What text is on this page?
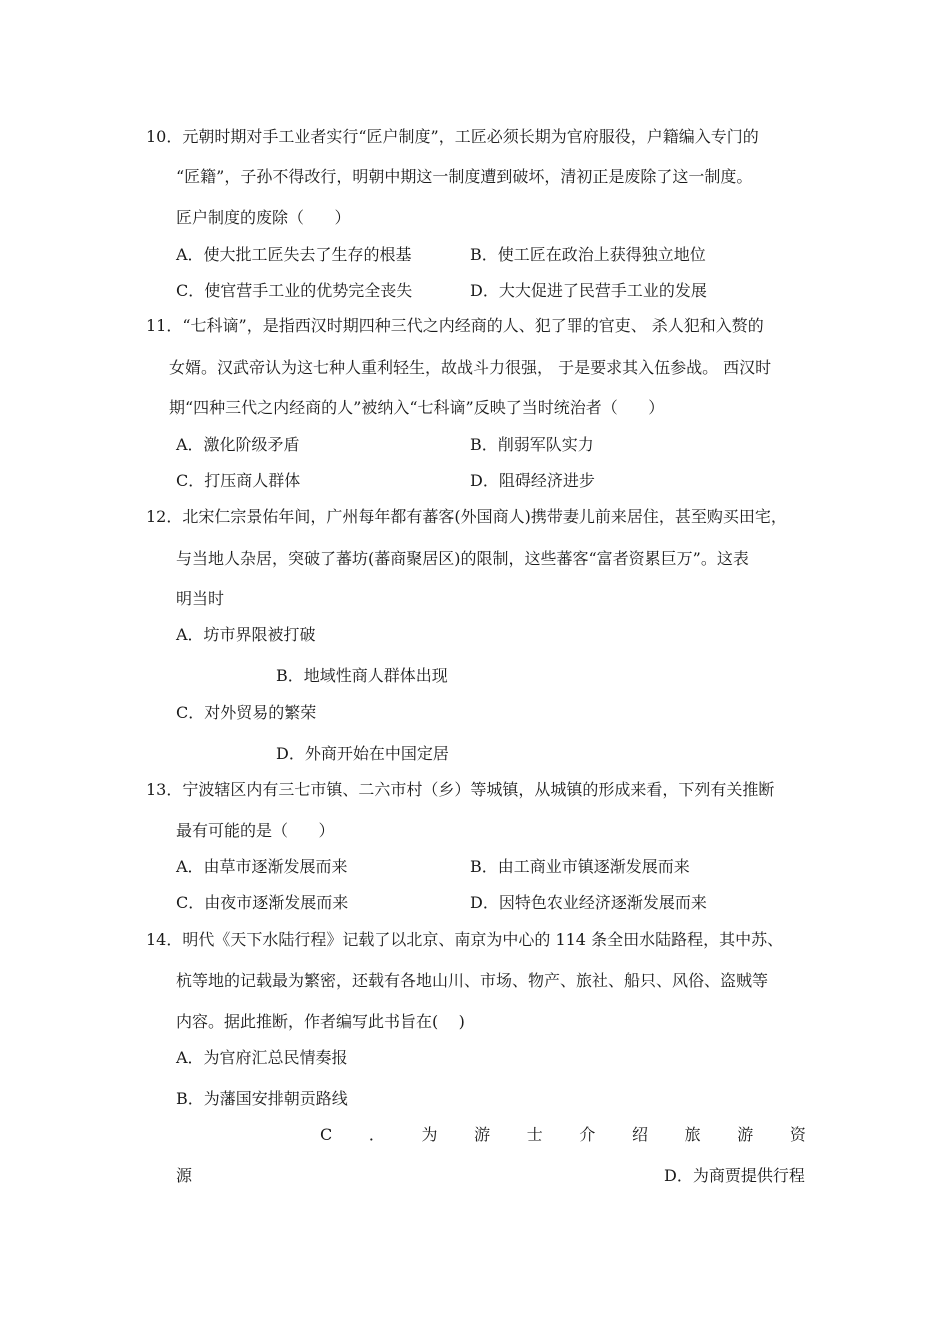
10．元朝时期对手工业者实行“匠户制度”，工匠必须长期为官府服役，户籍编入专门的
“匠籍”，子孙不得改行，明朝中期这一制度遭到破坏，清初正是废除了这一制度。
匠户制度的废除（      ）
A．使大批工匠失去了生存的根基	B．使工匠在政治上获得独立地位
C．使官营手工业的优势完全丧失	D．大大促进了民营手工业的发展
11．“七科谪”，是指西汉时期四种三代之内经商的人、犯了罪的官吏、 杀人犯和入赘的
女婿。汉武帝认为这七种人重利轻生，故战斗力很强， 于是要求其入伍参战。 西汉时
期“四种三代之内经商的人”被纳入“七科谪”反映了当时统治者（      ）
A．激化阶级矛盾	B．削弱军队实力
C．打压商人群体	D．阻碍经济进步
12．北宋仁宗景佑年间，广州每年都有蕃客(外国商人)携带妻儿前来居住，甚至购买田宅，
与当地人杂居，突破了蕃坊(蕃商聚居区)的限制，这些蕃客“富者资累巨万”。这表
明当时
A．坊市界限被打破
B．地域性商人群体出现
C．对外贸易的繁荣
D．外商开始在中国定居
13．宁波辖区内有三七市镇、二六市村（乡）等城镇，从城镇的形成来看，下列有关推断
最有可能的是（      ）
A．由草市逐渐发展而来	B．由工商业市镇逐渐发展而来
C．由夜市逐渐发展而来	D．因特色农业经济逐渐发展而来
14．明代《天下水陆行程》记载了以北京、南京为中心的 114 条全田水陆路程，其中苏、
杭等地的记载最为繁密，还载有各地山川、市场、物产、旅社、船只、风俗、盗贼等
内容。据此推断，作者编写此书旨在(    )
A．为官府汇总民情奏报
B．为藩国安排朝贡路线
C ． 为 游 士 介 绍 旅 游 资
源	D．为商贾提供行程
